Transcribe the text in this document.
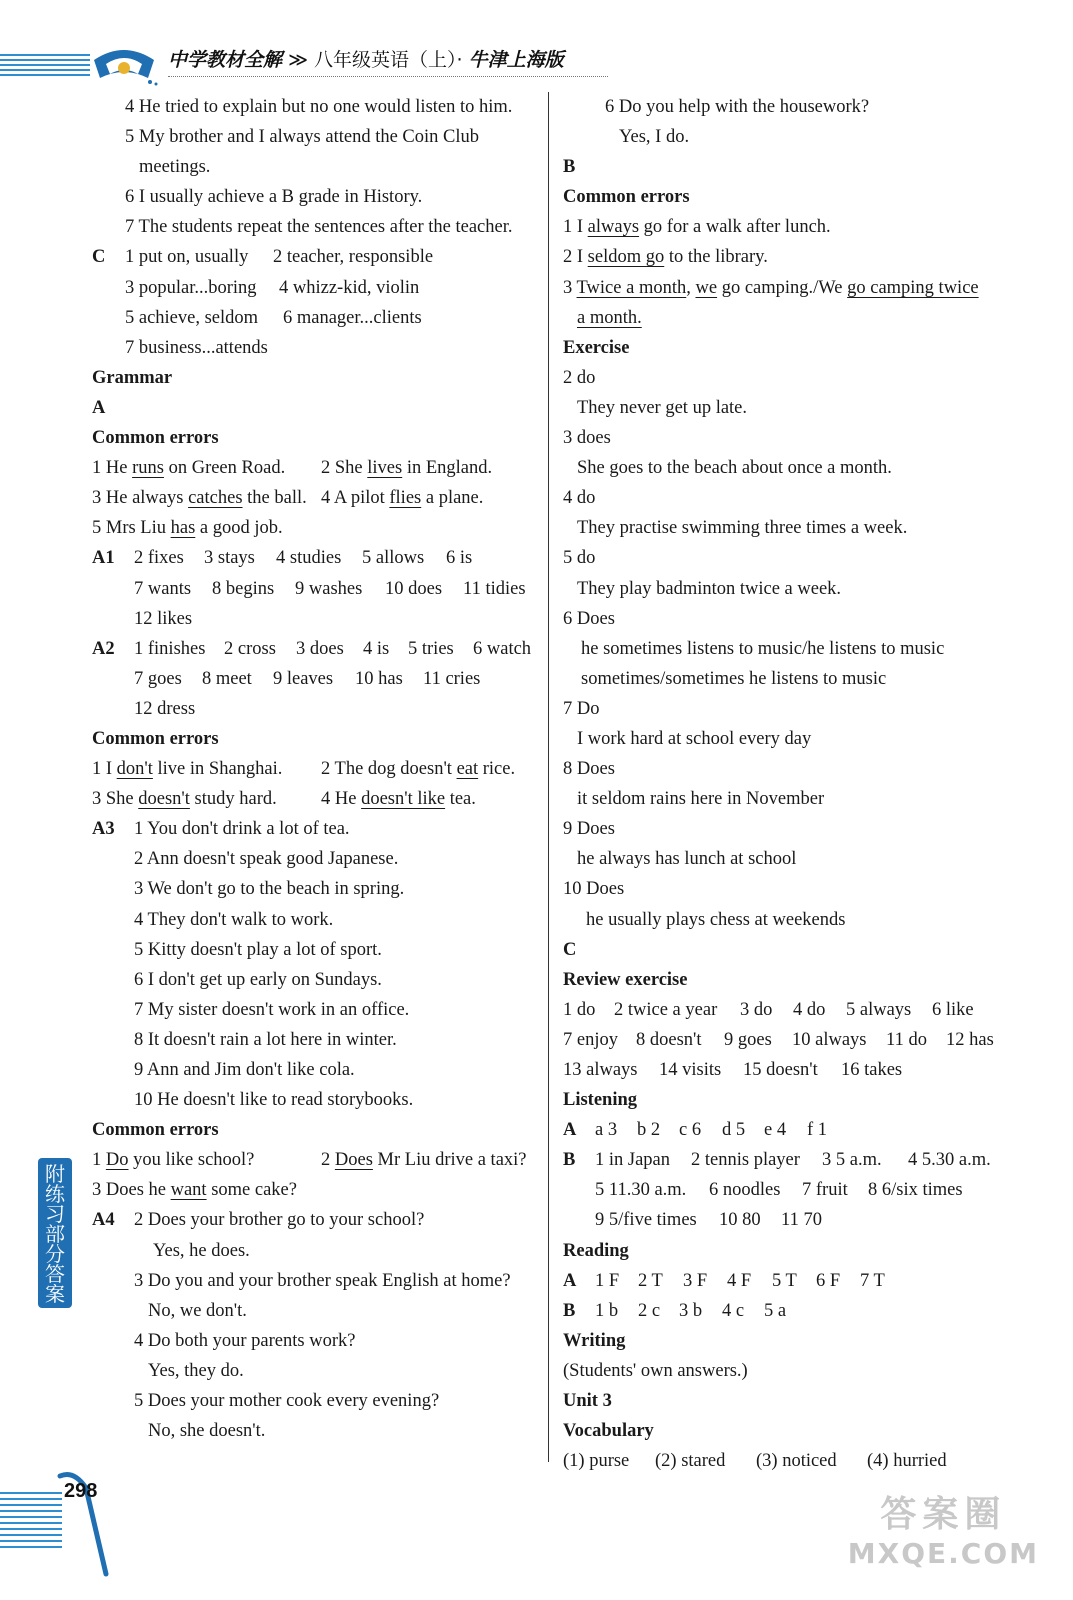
中学教材全解 ≫ 八年级英语（上）· 牛津上海版
4 He tried to explain but no one would listen to him.
5 My brother and I always attend the Coin Club
meetings.
6 I usually achieve a B grade in History.
7 The students repeat the sentences after the teacher.
C 1 put on, usually 2 teacher, responsible
3 popular...boring 4 whizz-kid, violin
5 achieve, seldom 6 manager...clients
7 business...attends
Grammar
A
Common errors
1 He runs on Green Road. 2 She lives in England.
3 He always catches the ball. 4 A pilot flies a plane.
5 Mrs Liu has a good job.
A1 2 fixes 3 stays 4 studies 5 allows 6 is
7 wants 8 begins 9 washes 10 does 11 tidies
12 likes
A2 1 finishes 2 cross 3 does 4 is 5 tries 6 watch
7 goes 8 meet 9 leaves 10 has 11 cries
12 dress
Common errors
1 I don't live in Shanghai. 2 The dog doesn't eat rice.
3 She doesn't study hard. 4 He doesn't like tea.
A3 1 You don't drink a lot of tea.
2 Ann doesn't speak good Japanese.
3 We don't go to the beach in spring.
4 They don't walk to work.
5 Kitty doesn't play a lot of sport.
6 I don't get up early on Sundays.
7 My sister doesn't work in an office.
8 It doesn't rain a lot here in winter.
9 Ann and Jim don't like cola.
10 He doesn't like to read storybooks.
Common errors
1 Do you like school?	2 Does Mr Liu drive a taxi?
3 Does he want some cake?
A4 2 Does your brother go to your school?
Yes, he does.
3 Do you and your brother speak English at home?
No, we don't.
4 Do both your parents work?
Yes, they do.
5 Does your mother cook every evening?
No, she doesn't.
6 Do you help with the housework?
Yes, I do.
B
Common errors
1 I always go for a walk after lunch.
2 I seldom go to the library.
3 Twice a month, we go camping./We go camping twice
a month.
Exercise
2 do
They never get up late.
3 does
She goes to the beach about once a month.
4 do
They practise swimming three times a week.
5 do
They play badminton twice a week.
6 Does
he sometimes listens to music/he listens to music
sometimes/sometimes he listens to music
7 Do
I work hard at school every day
8 Does
it seldom rains here in November
9 Does
he always has lunch at school
10 Does
he usually plays chess at weekends
C
Review exercise
1 do 2 twice a year 3 do 4 do 5 always 6 like
7 enjoy 8 doesn't 9 goes 10 always 11 do 12 has
13 always 14 visits 15 doesn't 16 takes
Listening
A a 3 b 2 c 6 d 5 e 4 f 1
B 1 in Japan 2 tennis player 3 5 a.m. 4 5.30 a.m.
5 11.30 a.m. 6 noodles 7 fruit 8 6/six times
9 5/five times 10 80 11 70
Reading
A 1 F 2 T 3 F 4 F 5 T 6 F 7 T
B 1 b 2 c 3 b 4 c 5 a
Writing
(Students' own answers.)
Unit 3
Vocabulary
(1) purse (2) stared (3) noticed (4) hurried
附
练
习
部
分
答
案
298
答案圈
MXQE.COM
